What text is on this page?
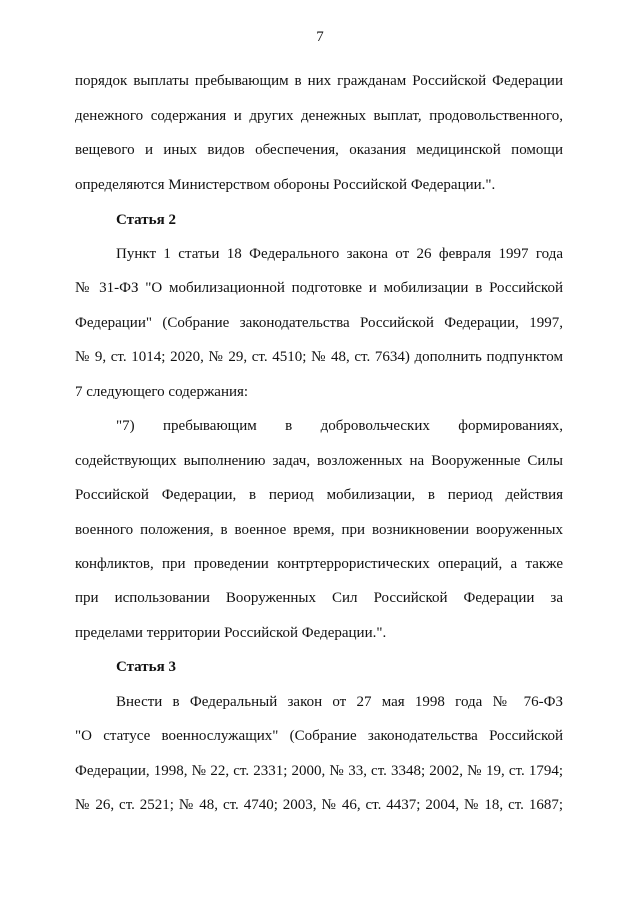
7
порядок выплаты пребывающим в них гражданам Российской Федерации
денежного содержания и других денежных выплат, продовольственного,
вещевого и иных видов обеспечения, оказания медицинской помощи
определяются Министерством обороны Российской Федерации.".
Статья 2
Пункт 1 статьи 18 Федерального закона от 26 февраля 1997 года
№ 31-ФЗ "О мобилизационной подготовке и мобилизации в Российской
Федерации" (Собрание законодательства Российской Федерации, 1997,
№ 9, ст. 1014; 2020, № 29, ст. 4510; № 48, ст. 7634) дополнить подпунктом
7 следующего содержания:
"7) пребывающим в добровольческих формированиях,
содействующих выполнению задач, возложенных на Вооруженные Силы
Российской Федерации, в период мобилизации, в период действия
военного положения, в военное время, при возникновении вооруженных
конфликтов, при проведении контртеррористических операций, а также
при использовании Вооруженных Сил Российской Федерации за
пределами территории Российской Федерации.".
Статья 3
Внести в Федеральный закон от 27 мая 1998 года № 76-ФЗ
"О статусе военнослужащих" (Собрание законодательства Российской
Федерации, 1998, № 22, ст. 2331; 2000, № 33, ст. 3348; 2002, № 19, ст. 1794;
№ 26, ст. 2521; № 48, ст. 4740; 2003, № 46, ст. 4437; 2004, № 18, ст. 1687;
